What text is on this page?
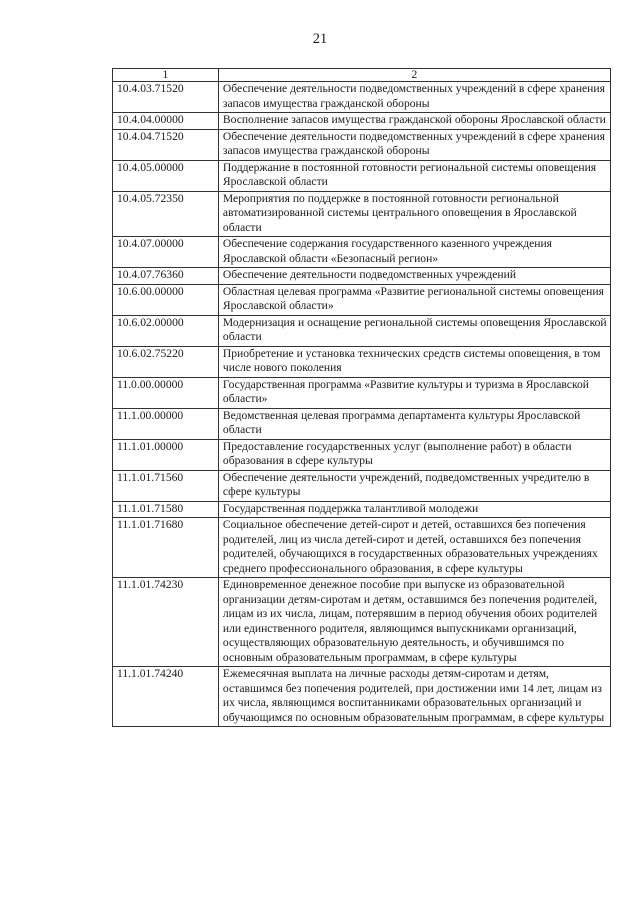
21
1	2
10.4.03.71520	Обеспечение деятельности подведомственных учреждений в сфере хранения запасов имущества гражданской обороны
10.4.04.00000	Восполнение запасов имущества гражданской обороны Ярославской области
10.4.04.71520	Обеспечение деятельности подведомственных учреждений в сфере хранения запасов имущества гражданской обороны
10.4.05.00000	Поддержание в постоянной готовности региональной системы оповещения Ярославской области
10.4.05.72350	Мероприятия по поддержке в постоянной готовности региональной автоматизированной системы центрального оповещения в Ярославской области
10.4.07.00000	Обеспечение содержания государственного казенного учреждения Ярославской области «Безопасный регион»
10.4.07.76360	Обеспечение деятельности подведомственных учреждений
10.6.00.00000	Областная целевая программа «Развитие региональной системы оповещения Ярославской области»
10.6.02.00000	Модернизация и оснащение региональной системы оповещения Ярославской области
10.6.02.75220	Приобретение и установка технических средств системы оповещения, в том числе нового поколения
11.0.00.00000	Государственная программа «Развитие культуры и туризма в Ярославской области»
11.1.00.00000	Ведомственная целевая программа департамента культуры Ярославской области
11.1.01.00000	Предоставление государственных услуг (выполнение работ) в области образования в сфере культуры
11.1.01.71560	Обеспечение деятельности учреждений, подведомственных учредителю в сфере культуры
11.1.01.71580	Государственная поддержка талантливой молодежи
11.1.01.71680	Социальное обеспечение детей-сирот и детей, оставшихся без попечения родителей, лиц из числа детей-сирот и детей, оставшихся без попечения родителей, обучающихся в государственных образовательных учреждениях среднего профессионального образования, в сфере культуры
11.1.01.74230	Единовременное денежное пособие при выпуске из образовательной организации детям-сиротам и детям, оставшимся без попечения родителей, лицам из их числа, лицам, потерявшим в период обучения обоих родителей или единственного родителя, являющимся выпускниками организаций, осуществляющих образовательную деятельность, и обучившимся по основным образовательным программам, в сфере культуры
11.1.01.74240	Ежемесячная выплата на личные расходы детям-сиротам и детям, оставшимся без попечения родителей, при достижении ими 14 лет, лицам из их числа, являющимся воспитанниками образовательных организаций и обучающимся по основным образовательным программам, в сфере культуры
